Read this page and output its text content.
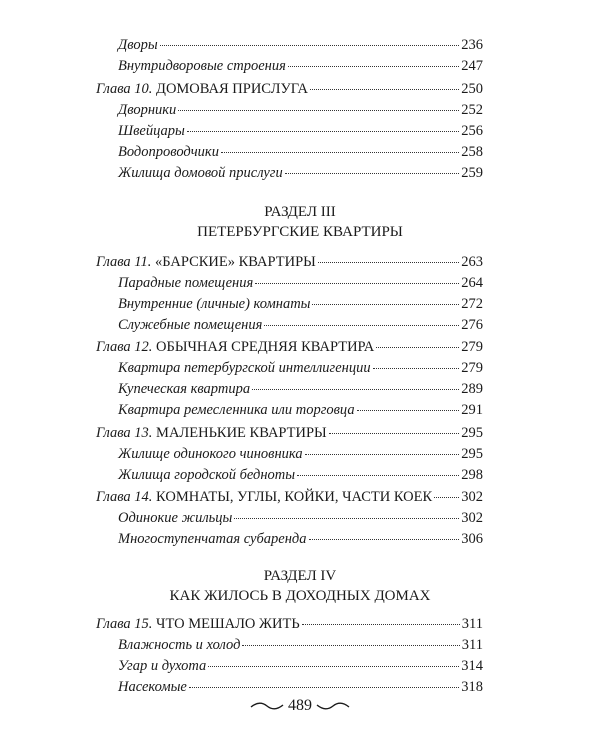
Дворы	236
Внутридворовые строения	247
Глава 10. ДОМОВАЯ ПРИСЛУГА	250
Дворники	252
Швейцары	256
Водопроводчики	258
Жилища домовой прислуги	259
РАЗДЕЛ III
ПЕТЕРБУРГСКИЕ КВАРТИРЫ
Глава 11. «БАРСКИЕ» КВАРТИРЫ	263
Парадные помещения	264
Внутренние (личные) комнаты	272
Служебные помещения	276
Глава 12. ОБЫЧНАЯ СРЕДНЯЯ КВАРТИРА	279
Квартира петербургской интеллигенции	279
Купеческая квартира	289
Квартира ремесленника или торговца	291
Глава 13. МАЛЕНЬКИЕ КВАРТИРЫ	295
Жилище одинокого чиновника	295
Жилища городской бедноты	298
Глава 14. КОМНАТЫ, УГЛЫ, КОЙКИ, ЧАСТИ КОЕК 302
Одинокие жильцы	302
Многоступенчатая субаренда	306
РАЗДЕЛ IV
КАК ЖИЛОСЬ В ДОХОДНЫХ ДОМАХ
Глава 15. ЧТО МЕШАЛО ЖИТЬ	311
Влажность и холод	311
Угар и духота	314
Насекомые	318
489
